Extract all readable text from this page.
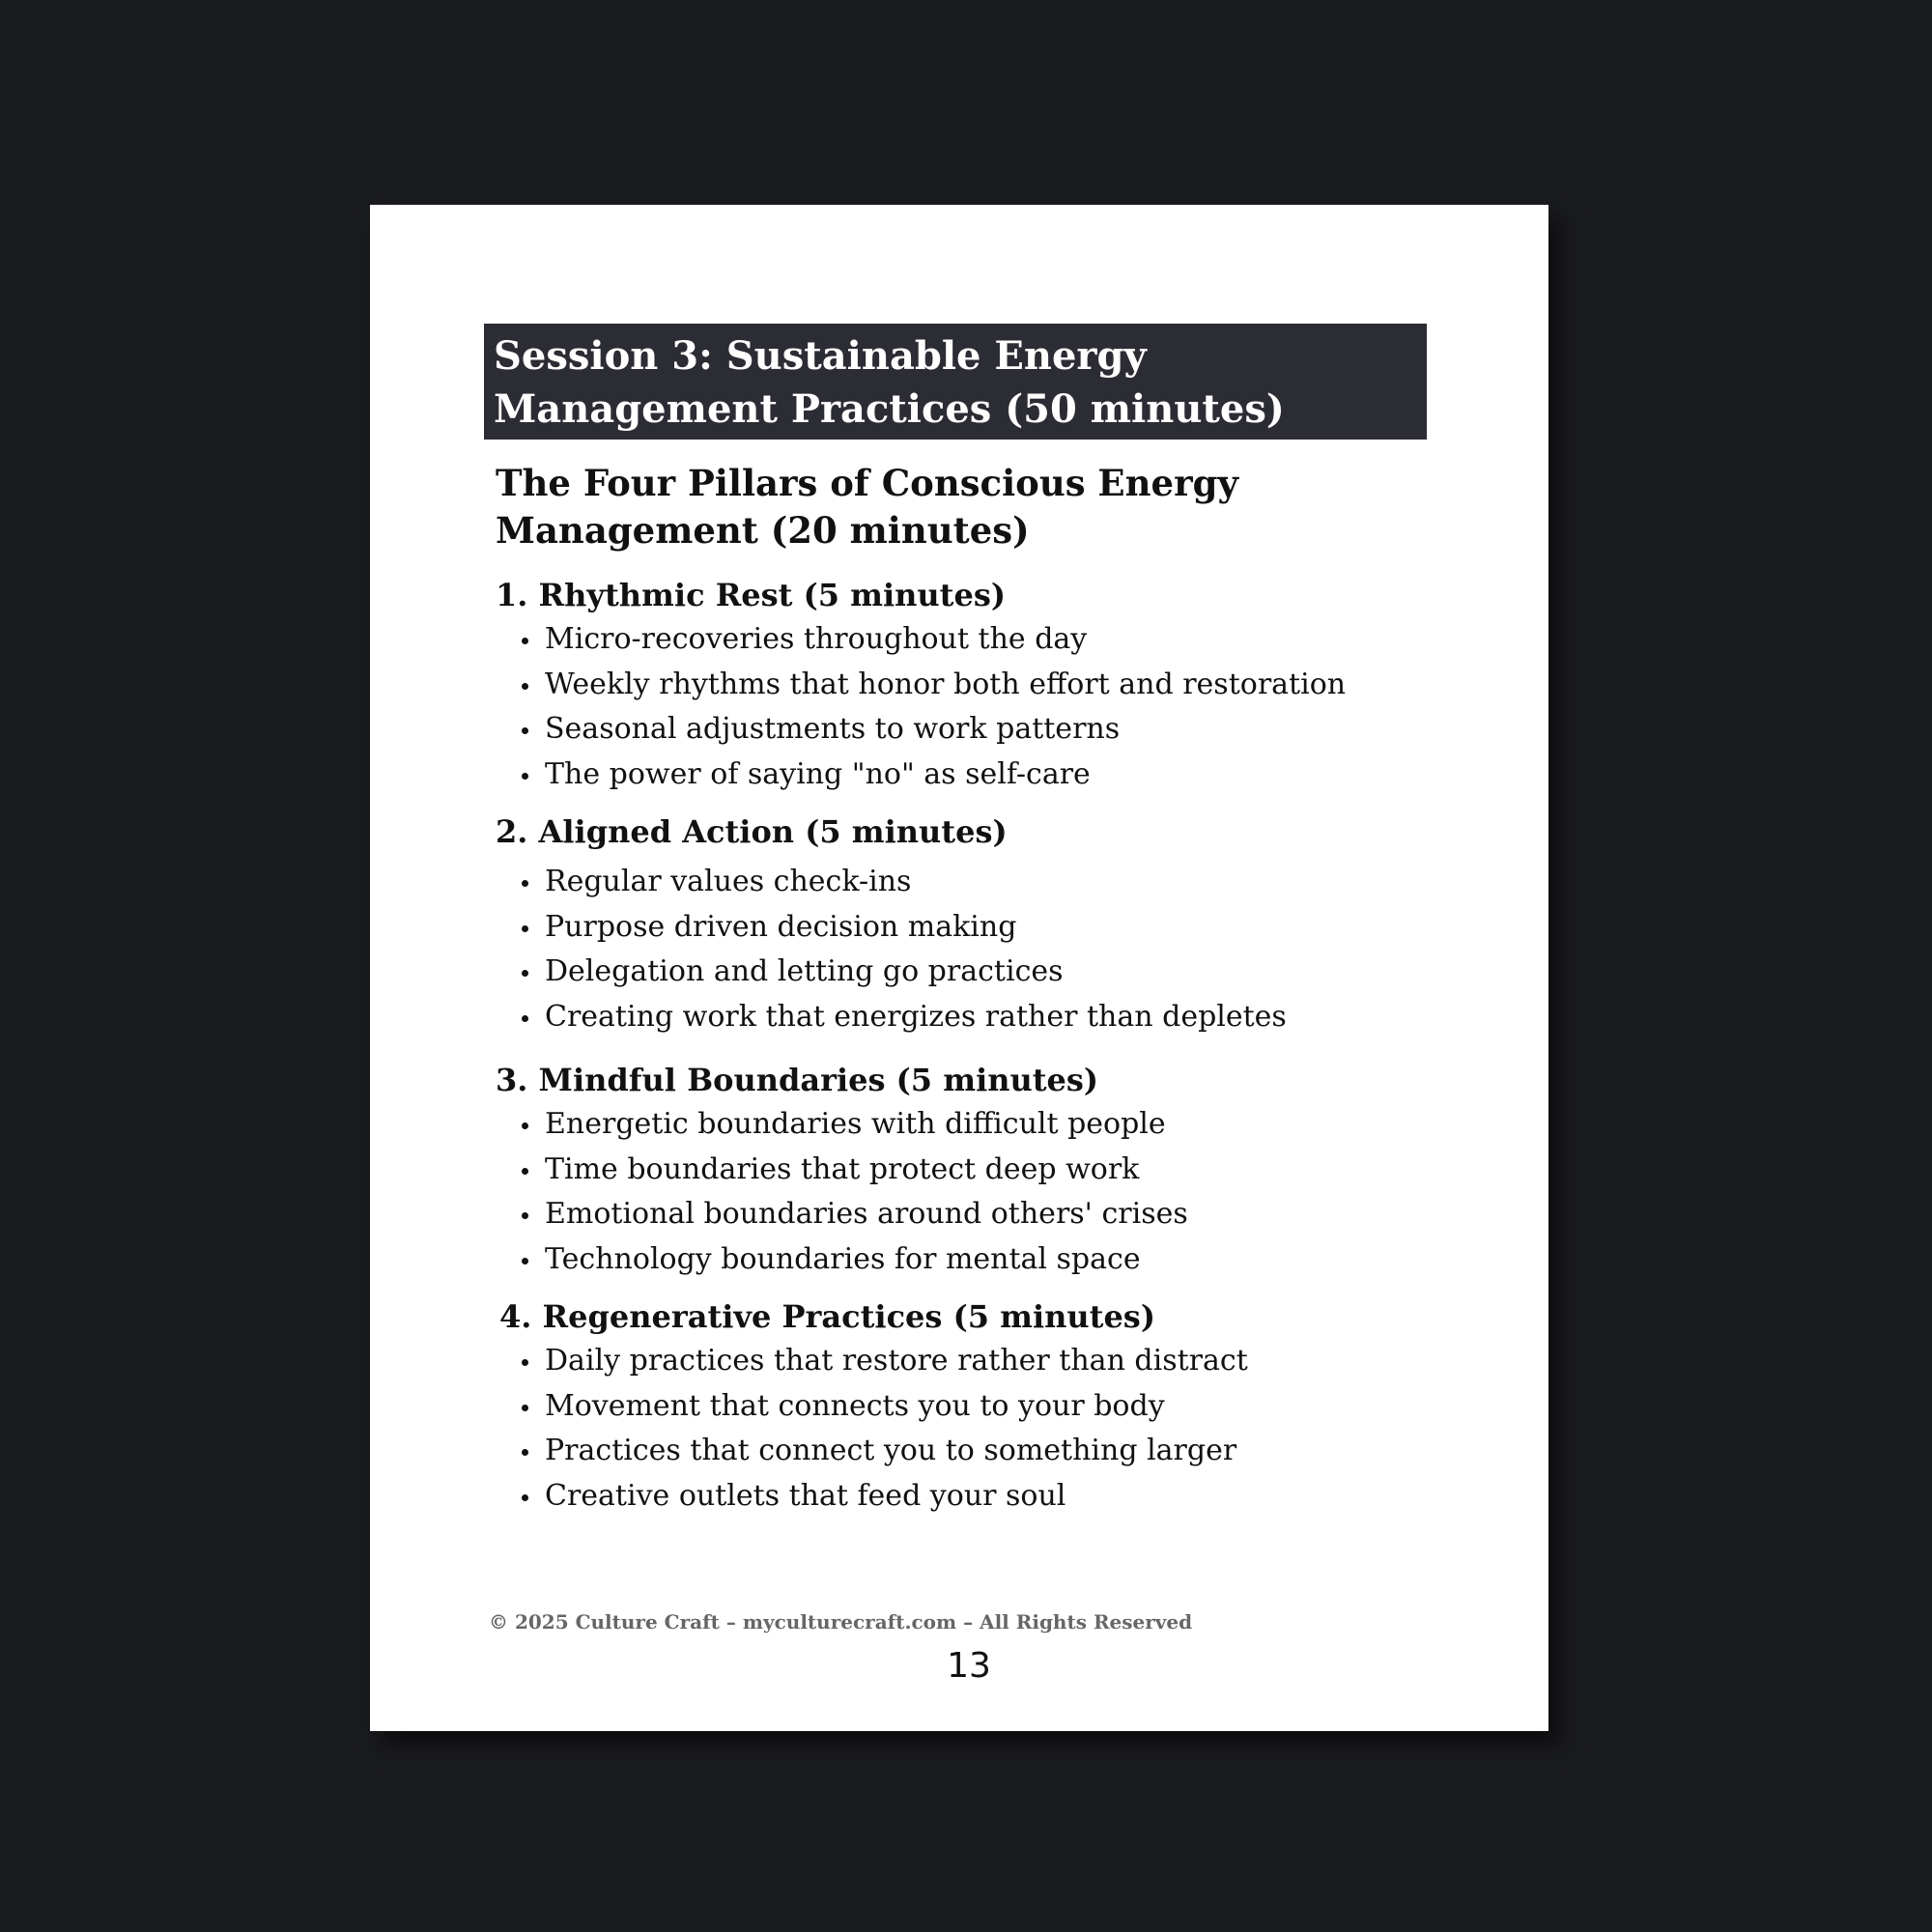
Session 3: Sustainable Energy Management Practices (50 minutes)
The Four Pillars of Conscious Energy Management (20 minutes)
1. Rhythmic Rest (5 minutes)
Micro-recoveries throughout the day
Weekly rhythms that honor both effort and restoration
Seasonal adjustments to work patterns
The power of saying "no" as self-care
2. Aligned Action (5 minutes)
Regular values check-ins
Purpose driven decision making
Delegation and letting go practices
Creating work that energizes rather than depletes
3. Mindful Boundaries (5 minutes)
Energetic boundaries with difficult people
Time boundaries that protect deep work
Emotional boundaries around others' crises
Technology boundaries for mental space
4. Regenerative Practices (5 minutes)
Daily practices that restore rather than distract
Movement that connects you to your body
Practices that connect you to something larger
Creative outlets that feed your soul
© 2025 Culture Craft – myculturecraft.com – All Rights Reserved
13
